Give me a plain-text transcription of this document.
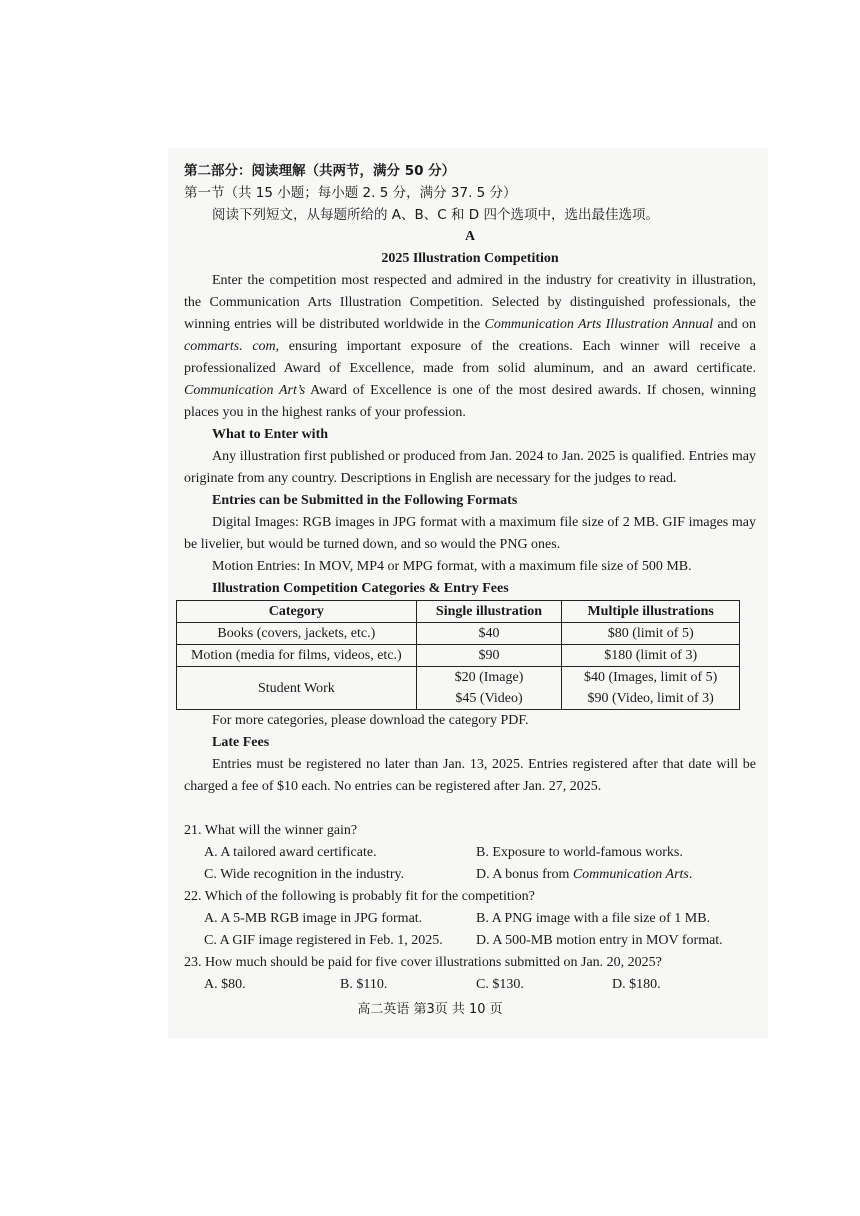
第二部分：阅读理解（共两节，满分 50 分）
第一节（共 15 小题；每小题 2. 5 分，满分 37. 5 分）
阅读下列短文，从每题所给的 A、B、C 和 D 四个选项中，选出最佳选项。
A
2025 Illustration Competition
Enter the competition most respected and admired in the industry for creativity in illustration, the Communication Arts Illustration Competition. Selected by distinguished professionals, the winning entries will be distributed worldwide in the Communication Arts Illustration Annual and on commarts. com, ensuring important exposure of the creations. Each winner will receive a professionalized Award of Excellence, made from solid aluminum, and an award certificate. Communication Art’s Award of Excellence is one of the most desired awards. If chosen, winning places you in the highest ranks of your profession.
What to Enter with
Any illustration first published or produced from Jan. 2024 to Jan. 2025 is qualified. Entries may originate from any country. Descriptions in English are necessary for the judges to read.
Entries can be Submitted in the Following Formats
Digital Images: RGB images in JPG format with a maximum file size of 2 MB. GIF images may be livelier, but would be turned down, and so would the PNG ones.
Motion Entries: In MOV, MP4 or MPG format, with a maximum file size of 500 MB.
Illustration Competition Categories & Entry Fees
Category	Single illustration	Multiple illustrations
Books (covers, jackets, etc.)	$40	$80 (limit of 5)
Motion (media for films, videos, etc.)	$90	$180 (limit of 3)
Student Work	$20 (Image)	$40 (Images, limit of 5)
	$45 (Video)	$90 (Video, limit of 3)
For more categories, please download the category PDF.
Late Fees
Entries must be registered no later than Jan. 13, 2025. Entries registered after that date will be charged a fee of $10 each. No entries can be registered after Jan. 27, 2025.
21. What will the winner gain?
A. A tailored award certificate.	B. Exposure to world-famous works.
C. Wide recognition in the industry.	D. A bonus from Communication Arts.
22. Which of the following is probably fit for the competition?
A. A 5-MB RGB image in JPG format.	B. A PNG image with a file size of 1 MB.
C. A GIF image registered in Feb. 1, 2025.	D. A 500-MB motion entry in MOV format.
23. How much should be paid for five cover illustrations submitted on Jan. 20, 2025?
A. $80.	B. $110.	C. $130.	D. $180.
高二英语 第3页 共 10 页
